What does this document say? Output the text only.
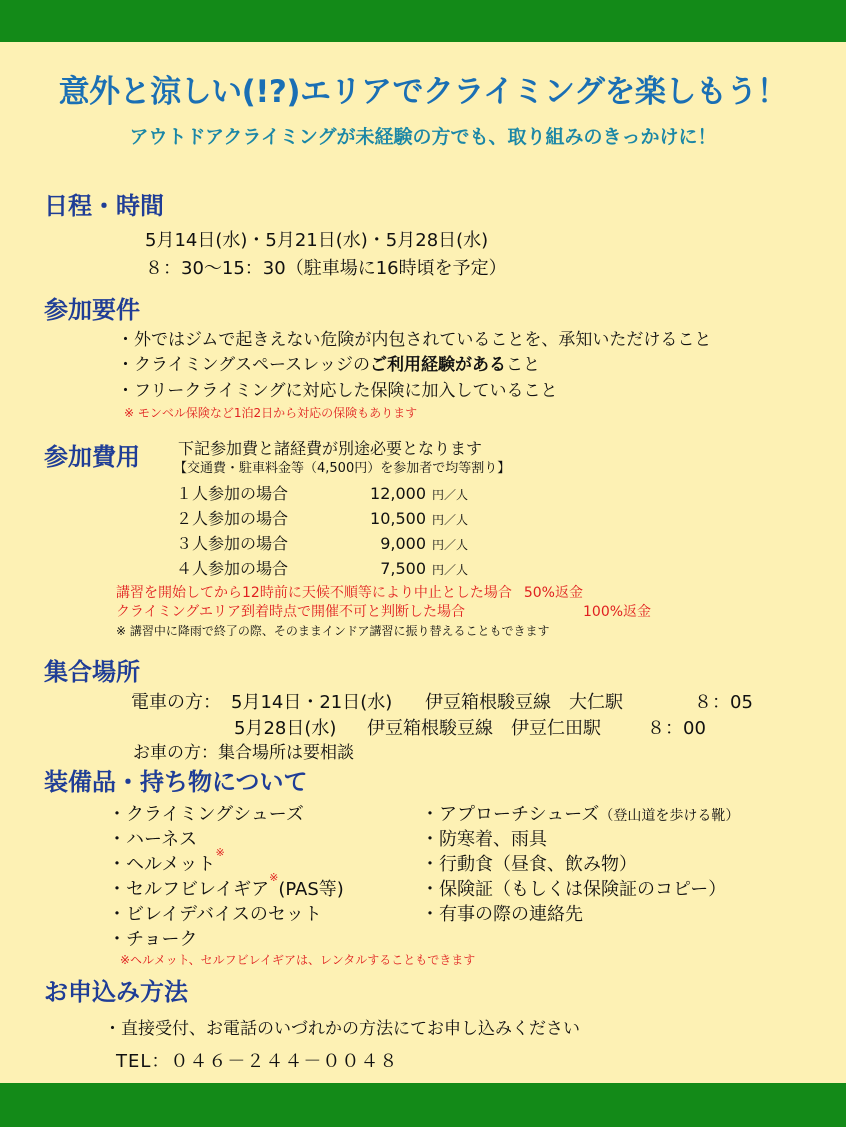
意外と涼しい(!?)エリアでクライミングを楽しもう！
アウトドアクライミングが未経験の方でも、取り組みのきっかけに！
日程・時間
5月14日(水)・5月21日(水)・5月28日(水)
８：30～15：30（駐車場に16時頃を予定）
参加要件
・外ではジムで起きえない危険が内包されていることを、承知いただけること
・クライミングスペースレッジのご利用経験があること
・フリークライミングに対応した保険に加入していること
※ モンベル保険など1泊2日から対応の保険もあります
参加費用 下記参加費と諸経費が別途必要となります
【交通費・駐車料金等（4,500円）を参加者で均等割り】
１人参加の場合	12,000 円／人
２人参加の場合	10,500 円／人
３人参加の場合	9,000 円／人
４人参加の場合	7,500 円／人
講習を開始してから12時前に天候不順等により中止とした場合 50%返金
クライミングエリア到着時点で開催不可と判断した場合	100%返金
※ 講習中に降雨で終了の際、そのままインドア講習に振り替えることもできます
集合場所
電車の方： 5月14日・21日(水) 伊豆箱根駿豆線　大仁駅	８：05
5月28日(水) 伊豆箱根駿豆線　伊豆仁田駅	８：00
お車の方：集合場所は要相談
装備品・持ち物について
・クライミングシューズ
・ハーネス
・ヘルメット※
・セルフビレイギア※(PAS等)
・ビレイデバイスのセット
・チョーク
・アプローチシューズ（登山道を歩ける靴）
・防寒着、雨具
・行動食（昼食、飲み物）
・保険証（もしくは保険証のコピー）
・有事の際の連絡先
※ヘルメット、セルフビレイギアは、レンタルすることもできます
お申込み方法
・直接受付、お電話のいづれかの方法にてお申し込みください
TEL：０４６－２４４－００４８
